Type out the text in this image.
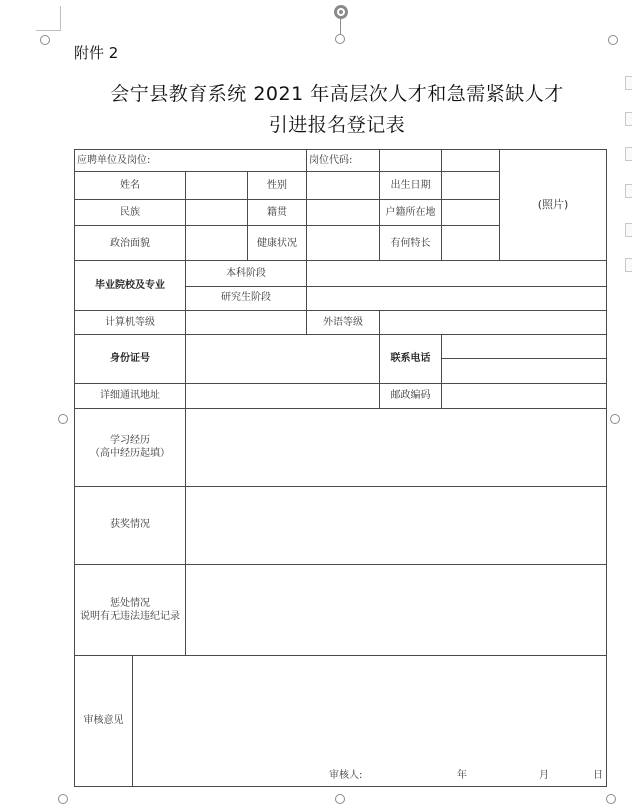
附件 2
会宁县教育系统 2021 年高层次人才和急需紧缺人才
引进报名登记表
应聘单位及岗位:				岗位代码:			(照片)
姓名			性别		出生日期		
民族			籍贯		户籍所在地		
政治面貌			健康状况		有何特长		
毕业院校及专业		本科阶段					
		研究生阶段					
计算机等级				外语等级			
身份证号					联系电话		

详细通讯地址					邮政编码		
学习经历
（高中经历起填）							
获奖情况							
惩处情况
说明有无违法违纪记录							
审核意见	审核人: 年 月 日						
